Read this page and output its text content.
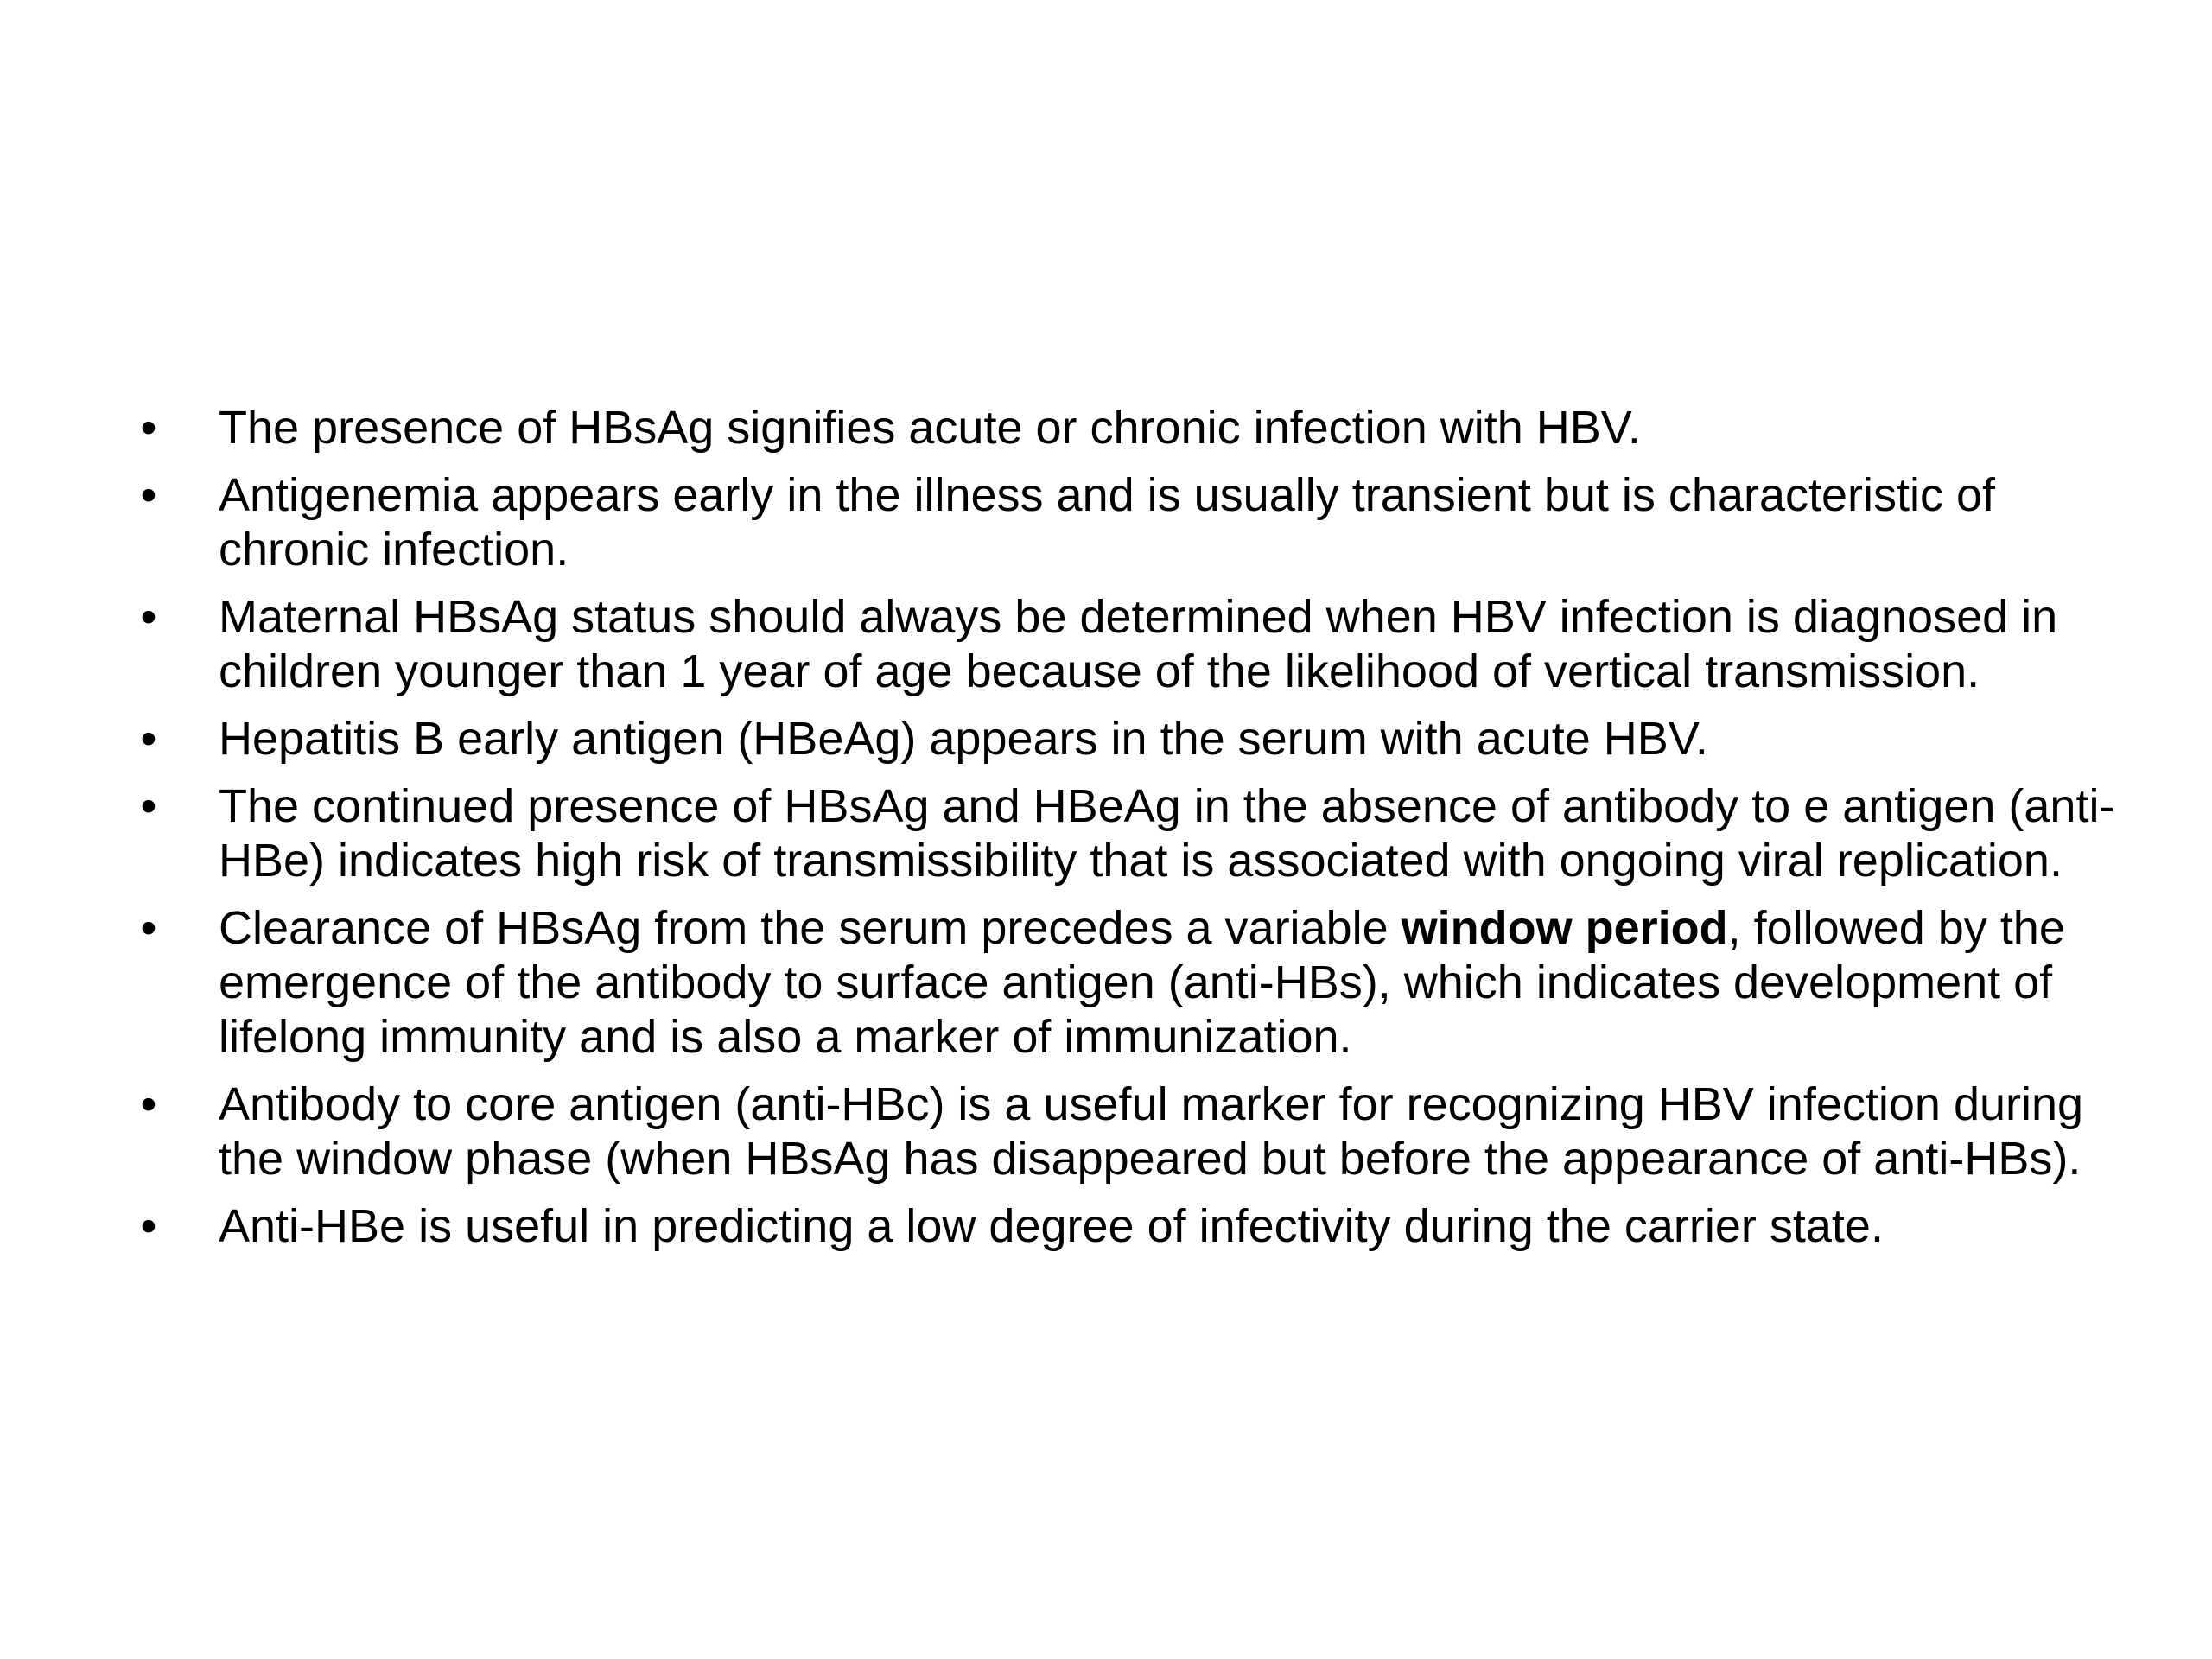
• The presence of HBsAg signifies acute or chronic infection with HBV.
• Antigenemia appears early in the illness and is usually transient but is characteristic of chronic infection.
• Maternal HBsAg status should always be determined when HBV infection is diagnosed in children younger than 1 year of age because of the likelihood of vertical transmission.
• Hepatitis B early antigen (HBeAg) appears in the serum with acute HBV.
• The continued presence of HBsAg and HBeAg in the absence of antibody to e antigen (anti- HBe) indicates high risk of transmissibility that is associated with ongoing viral replication.
• Clearance of HBsAg from the serum precedes a variable window period, followed by the emergence of the antibody to surface antigen (anti-HBs), which indicates development of lifelong immunity and is also a marker of immunization.
• Antibody to core antigen (anti-HBc) is a useful marker for recognizing HBV infection during the window phase (when HBsAg has disappeared but before the appearance of anti-HBs).
• Anti-HBe is useful in predicting a low degree of infectivity during the carrier state.
